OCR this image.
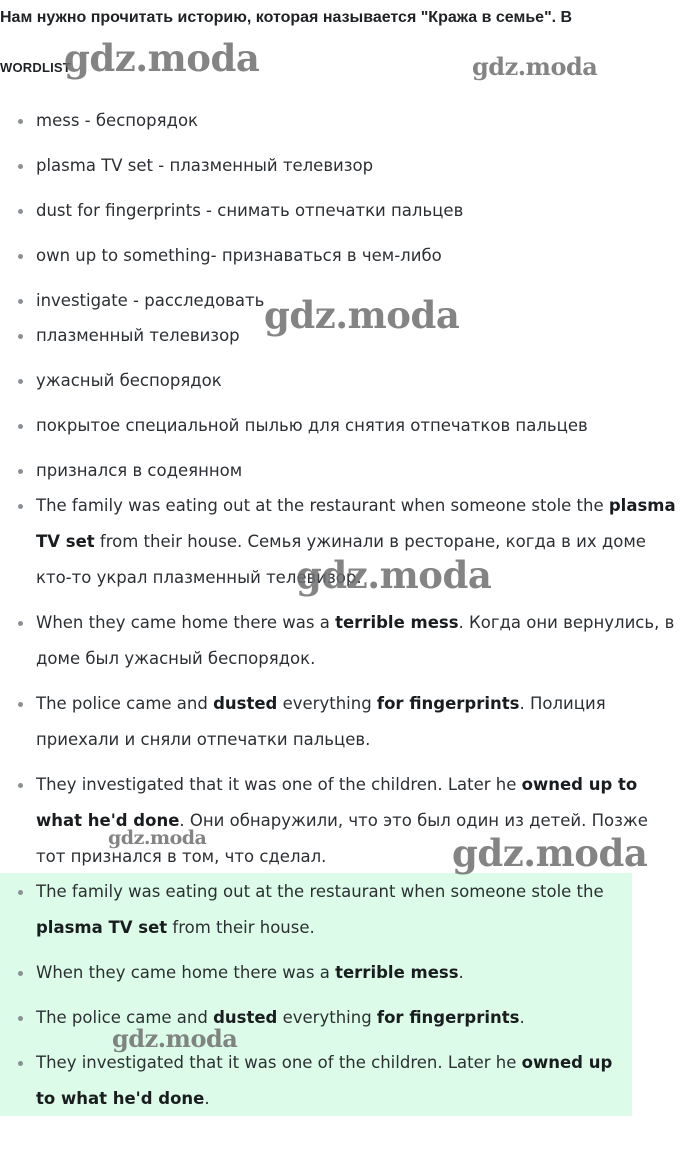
Нам нужно прочитать историю, которая называется "Кража в семье". В
WORDLIST
mess - беспорядок
plasma TV set - плазменный телевизор
dust for fingerprints - снимать отпечатки пальцев
own up to something- признаваться в чем-либо
investigate - расследовать
плазменный телевизор
ужасный беспорядок
покрытое специальной пылью для снятия отпечатков пальцев
признался в содеянном
The family was eating out at the restaurant when someone stole the plasma TV set from their house. Семья ужинали в ресторане, когда в их доме кто-то украл плазменный телевизор.
When they came home there was a terrible mess. Когда они вернулись, в доме был ужасный беспорядок.
The police came and dusted everything for fingerprints. Полиция приехали и сняли отпечатки пальцев.
They investigated that it was one of the children. Later he owned up to what he'd done. Они обнаружили, что это был один из детей. Позже тот признался в том, что сделал.
The family was eating out at the restaurant when someone stole the plasma TV set from their house.
When they came home there was a terrible mess.
The police came and dusted everything for fingerprints.
They investigated that it was one of the children. Later he owned up to what he'd done.
gdz.moda	gdz.moda
gdz.moda
gdz.moda
gdz.moda	gdz.moda
gdz.moda
